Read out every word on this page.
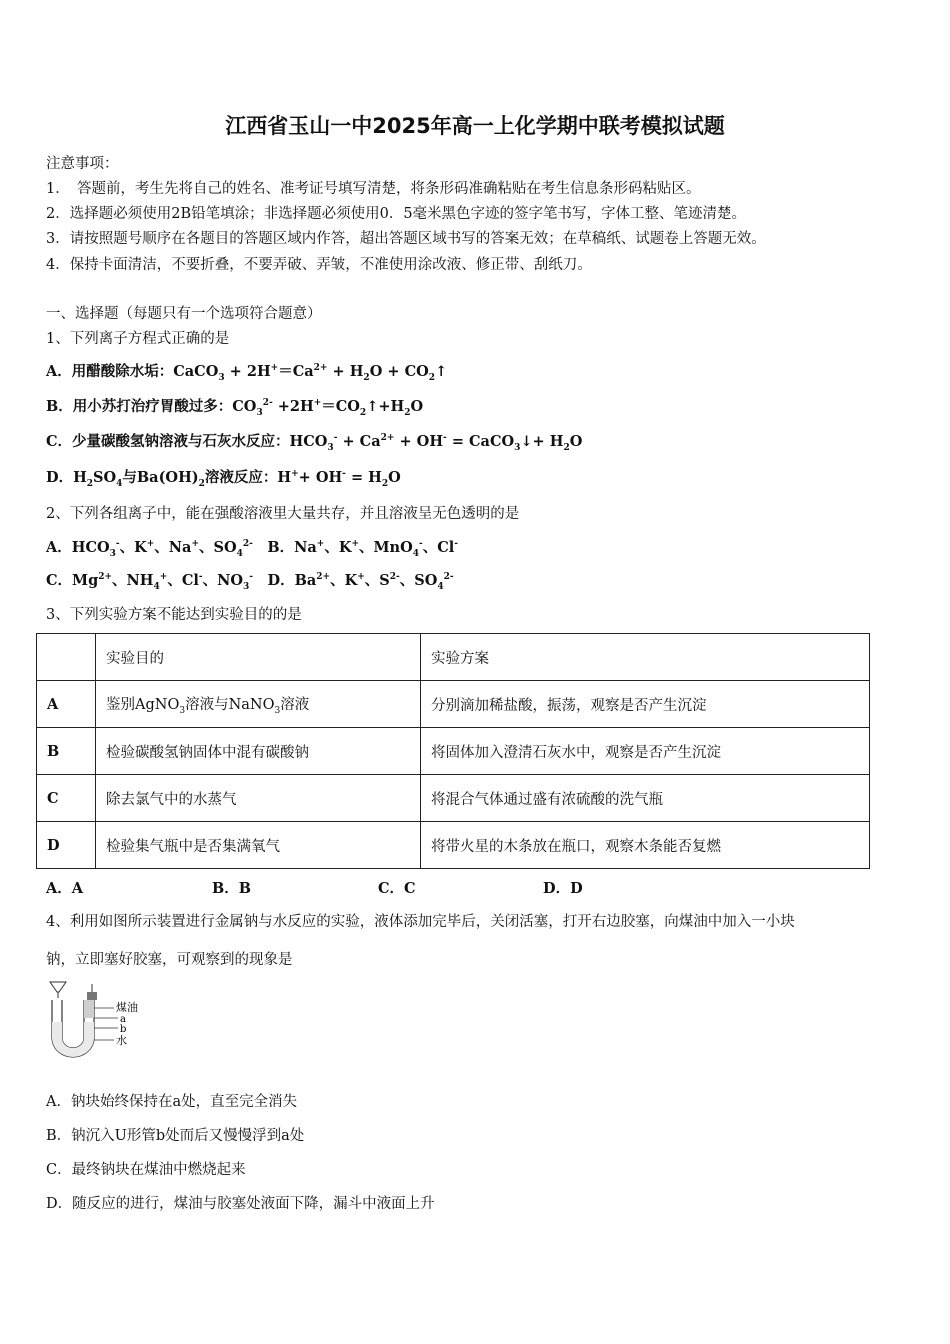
江西省玉山一中2025年高一上化学期中联考模拟试题
注意事项：
1．　答题前，考生先将自己的姓名、准考证号填写清楚，将条形码准确粘贴在考生信息条形码粘贴区。
2．选择题必须使用2B铅笔填涂；非选择题必须使用0．5毫米黑色字迹的签字笔书写，字体工整、笔迹清楚。
3．请按照题号顺序在各题目的答题区域内作答，超出答题区域书写的答案无效；在草稿纸、试题卷上答题无效。
4．保持卡面清洁，不要折叠，不要弄破、弄皱，不准使用涂改液、修正带、刮纸刀。
一、选择题（每题只有一个选项符合题意）
1、下列离子方程式正确的是
A．用醋酸除水垢：CaCO$_3$ + $2H^+=Ca^{2+} + H_2O$ + $CO_2↑$
B．用小苏打治疗胃酸过多：$CO_3^{2-}$ $+2H^+=CO_2↑+H_2O$
C．少量碳酸氢钠溶液与石灰水反应：$HCO_3^- + Ca^{2+} + OH^-$ = CaCO$_3$↓+ $H_2O$
D．$H_2SO_4$与$Ba(OH)_2$溶液反应：$H^++ OH^- = H_2O$
2、下列各组离子中，能在强酸溶液里大量共存，并且溶液呈无色透明的是
A．$HCO_3^-$、K+、Na+、$SO_4^{2-}$　B．Na+、K+、MnO$_4$-、Cl-
C．$Mg^{2+}$、$NH_4^+$、Cl-、$NO_3^-$　D．$Ba^{2+}$、K+、$S^{2-}$、$SO_4^{2-}$
3、下列实验方案不能达到实验目的的是
	实验目的	实验方案
A	鉴别AgNO$_3$溶液与NaNO$_3$溶液	分别滴加稀盐酸，振荡，观察是否产生沉淀
B	检验碳酸氢钠固体中混有碳酸钠	将固体加入澄清石灰水中，观察是否产生沉淀
C	除去氯气中的水蒸气	将混合气体通过盛有浓硫酸的洗气瓶
D	检验集气瓶中是否集满氧气	将带火星的木条放在瓶口，观察木条能否复燃
A．A	B．B	C．C	D．D
4、利用如图所示装置进行金属钠与水反应的实验，液体添加完毕后，关闭活塞，打开右边胶塞，向煤油中加入一小块
钠，立即塞好胶塞，可观察到的现象是
煤油
a
b
水
A．钠块始终保持在a处，直至完全消失
B．钠沉入U形管b处而后又慢慢浮到a处
C．最终钠块在煤油中燃烧起来
D．随反应的进行，煤油与胶塞处液面下降，漏斗中液面上升
